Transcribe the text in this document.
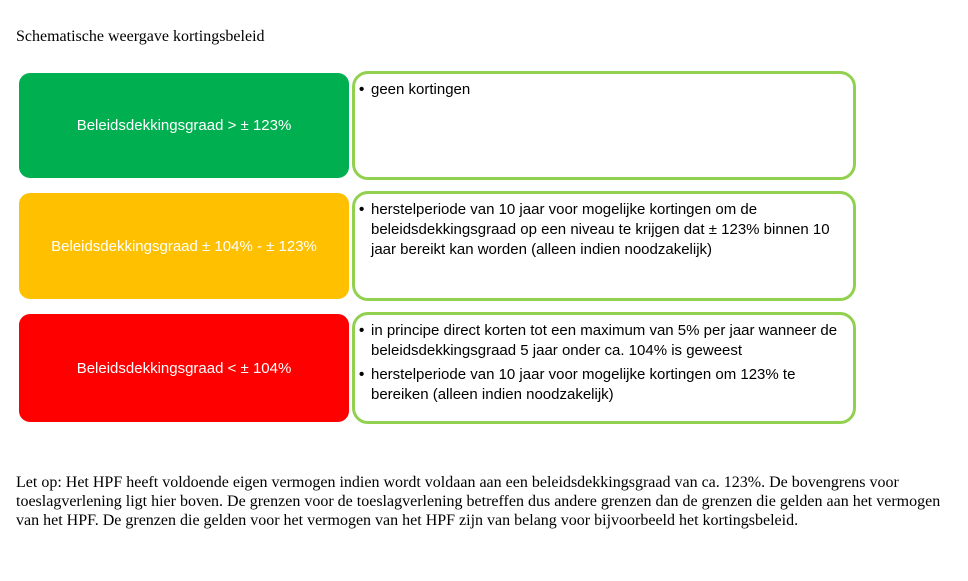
Schematische weergave kortingsbeleid
Beleidsdekkingsgraad > ± 123%
• geen kortingen
Beleidsdekkingsgraad ± 104% - ± 123%
• herstelperiode van 10 jaar voor mogelijke kortingen om de beleidsdekkingsgraad op een niveau te krijgen dat ± 123% binnen 10 jaar bereikt kan worden (alleen indien noodzakelijk)
Beleidsdekkingsgraad < ± 104%
• in principe direct korten tot een maximum van 5% per jaar wanneer de beleidsdekkingsgraad 5 jaar onder ca. 104% is geweest
• herstelperiode van 10 jaar voor mogelijke kortingen om 123% te bereiken (alleen indien noodzakelijk)
Let op: Het HPF heeft voldoende eigen vermogen indien wordt voldaan aan een beleidsdekkingsgraad van ca. 123%. De bovengrens voor toeslagverlening ligt hier boven. De grenzen voor de toeslagverlening betreffen dus andere grenzen dan de grenzen die gelden aan het vermogen van het HPF. De grenzen die gelden voor het vermogen van het HPF zijn van belang voor bijvoorbeeld het kortingsbeleid.
